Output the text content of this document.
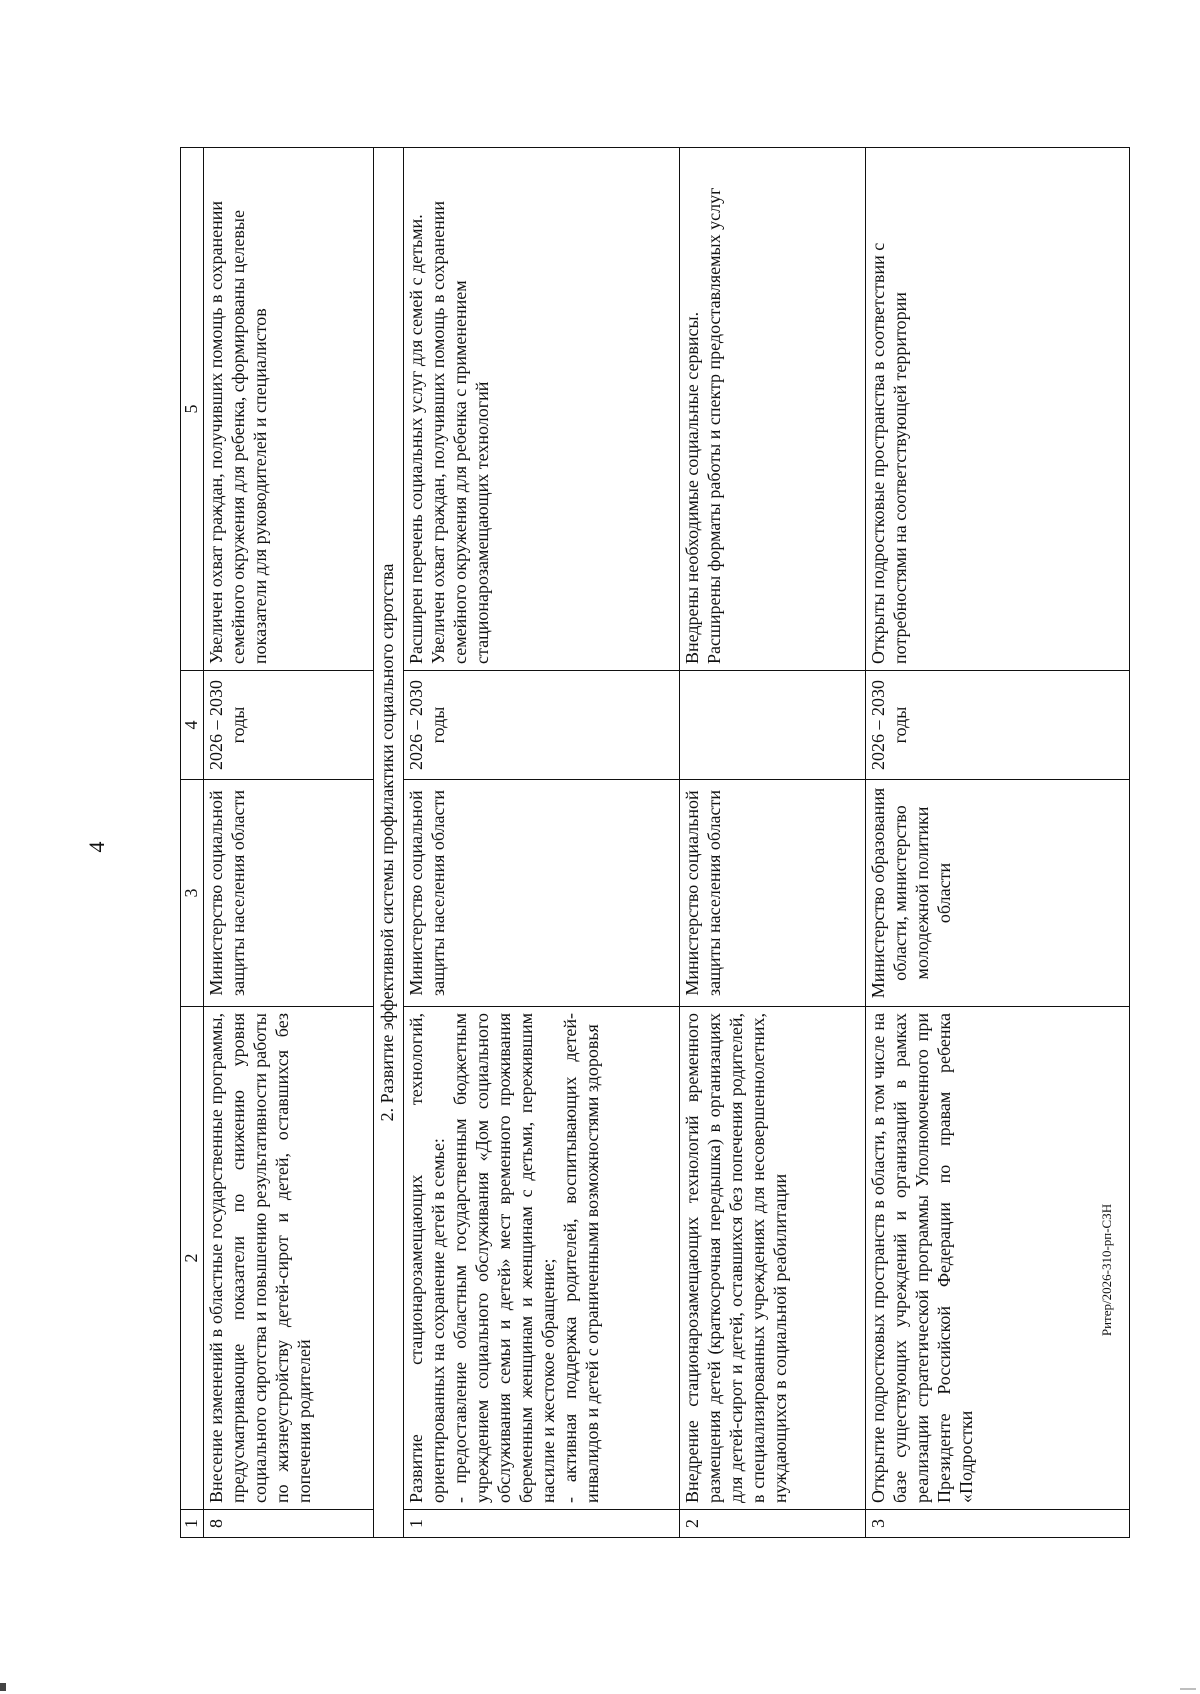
4
1	2	3	4	5
8	Внесение изменений в областные государственные программы, предусматривающие показатели по снижению уровня социального сиротства и повышению результативности работы по жизнеустройству детей-сирот и детей, оставшихся без попечения родителей	Министерство социальной защиты населения области	2026 – 2030 годы	Увеличен охват граждан, получивших помощь в сохранении семейного окружения для ребенка, сформированы целевые показатели для руководителей и специалистов
2. Развитие эффективной системы профилактики социального сиротства				
1	Развитие стационарозамещающих технологий, ориентированных на сохранение детей в семье: - предоставление областным государственным бюджетным учреждением социального обслуживания «Дом социального обслуживания семьи и детей» мест временного проживания беременным женщинам и женщинам с детьми, пережившим насилие и жестокое обращение; - активная поддержка родителей, воспитывающих детей-инвалидов и детей с ограниченными возможностями здоровья	Министерство социальной защиты населения области	2026 – 2030 годы	Расширен перечень социальных услуг для семей с детьми. Увеличен охват граждан, получивших помощь в сохранении семейного окружения для ребенка с применением стационарозамещающих технологий

2	Внедрение стационарозамещающих технологий временного размещения детей (краткосрочная передышка) в организациях для детей-сирот и детей, оставшихся без попечения родителей, в специализированных учреждениях для несовершеннолетних, нуждающихся в социальной реабилитации	Министерство социальной защиты населения области		Внедрены необходимые социальные сервисы. Расширены форматы работы и спектр предоставляемых услуг

3	Открытие подростковых пространств в области, в том числе на базе существующих учреждений и организаций в рамках реализации стратегической программы Уполномоченного при Президенте Российской Федерации по правам ребенка «Подростки	Министерство образования области, министерство молодежной политики области	2026 – 2030 годы	Открыты подростковые пространства в соответствии с потребностями на соответствующей территории
Ритер/2026-310-рп-СЗН
